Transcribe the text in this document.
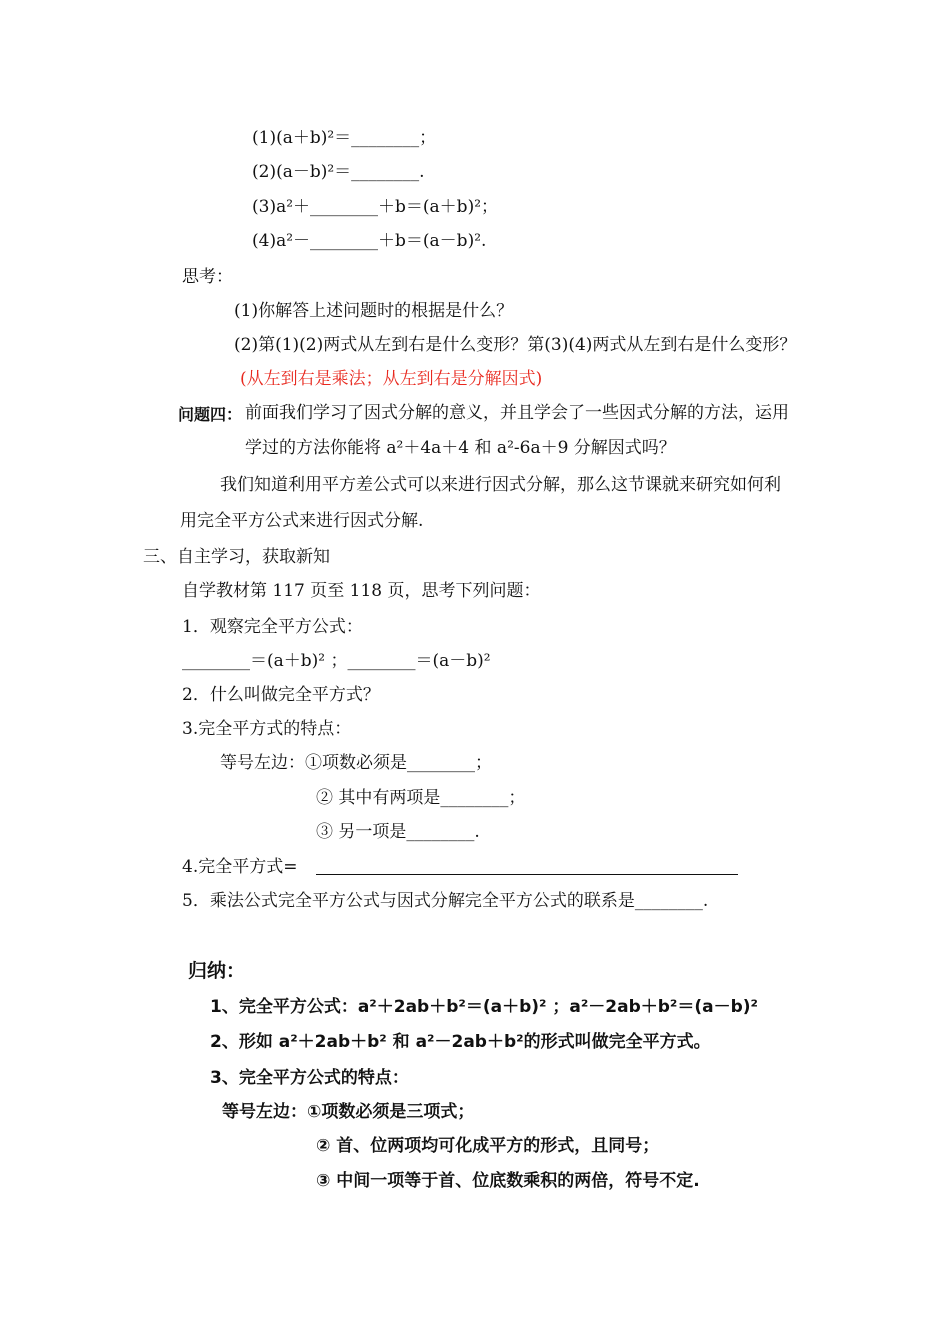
(1)(a＋b)²＝________；
(2)(a－b)²＝________.
(3)a²＋________＋b＝(a＋b)²；
(4)a²－________＋b＝(a－b)².
思考：
(1)你解答上述问题时的根据是什么？
(2)第(1)(2)两式从左到右是什么变形？第(3)(4)两式从左到右是什么变形？
(从左到右是乘法；从左到右是分解因式)
问题四： 前面我们学习了因式分解的意义，并且学会了一些因式分解的方法，运用
学过的方法你能将 a²＋4a＋4 和 a²-6a＋9 分解因式吗？
我们知道利用平方差公式可以来进行因式分解，那么这节课就来研究如何利
用完全平方公式来进行因式分解.
三、自主学习，获取新知
自学教材第 117 页至 118 页，思考下列问题：
1．观察完全平方公式：
________＝(a＋b)² ；________＝(a－b)²
2．什么叫做完全平方式？
3.完全平方式的特点：
等号左边：①项数必须是________；
② 其中有两项是________；
③ 另一项是________.
4.完全平方式=
5．乘法公式完全平方公式与因式分解完全平方公式的联系是________.
归纳：
1、完全平方公式：a²＋2ab＋b²＝(a＋b)² ；a²－2ab＋b²＝(a－b)²
2、形如 a²＋2ab＋b² 和 a²－2ab＋b²的形式叫做完全平方式。
3、完全平方公式的特点：
等号左边：①项数必须是三项式；
② 首、位两项均可化成平方的形式，且同号；
③ 中间一项等于首、位底数乘积的两倍，符号不定.
